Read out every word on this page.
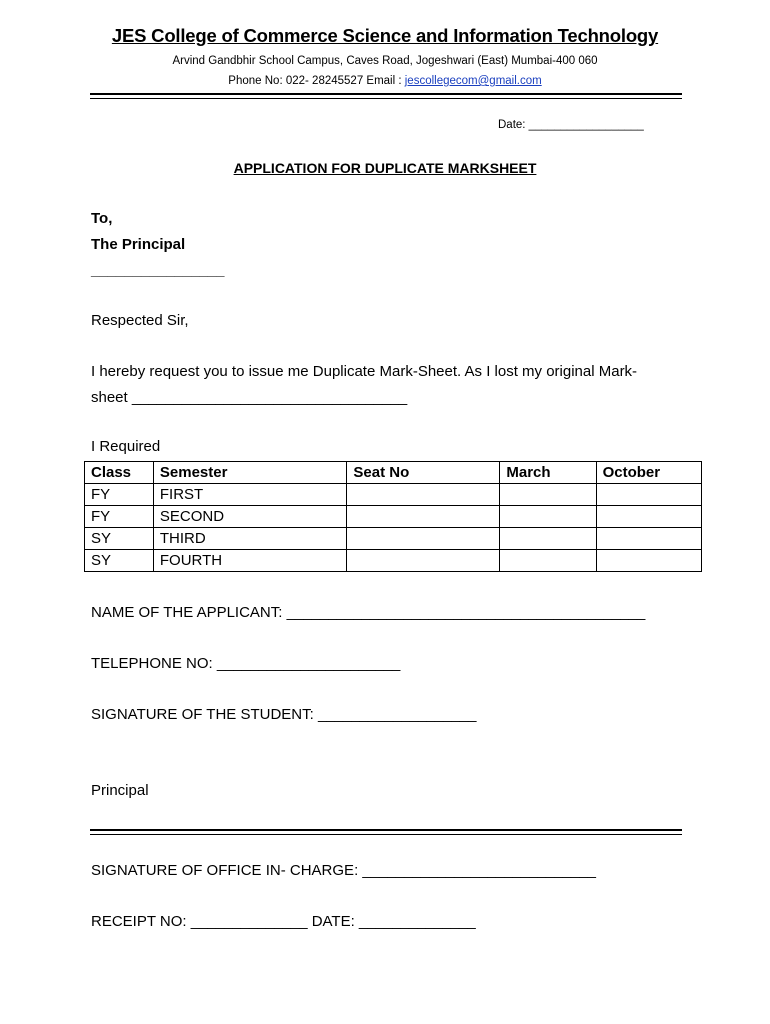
JES College of Commerce Science and Information Technology
Arvind Gandbhir School Campus, Caves Road, Jogeshwari (East) Mumbai-400 060
Phone No: 022- 28245527 Email : jescollegecom@gmail.com
Date: __________________
APPLICATION FOR DUPLICATE MARKSHEET
To,
The Principal
________________
Respected Sir,
I hereby request you to issue me Duplicate Mark-Sheet. As I lost my original Mark-
sheet _________________________________
I Required
Class	Semester	Seat No	March	October
FY	FIRST			
FY	SECOND			
SY	THIRD			
SY	FOURTH			
NAME OF THE APPLICANT: ___________________________________________
TELEPHONE NO: ______________________
SIGNATURE OF THE STUDENT: ___________________
Principal
SIGNATURE OF OFFICE IN- CHARGE: ____________________________
RECEIPT NO: ______________ DATE: ______________
